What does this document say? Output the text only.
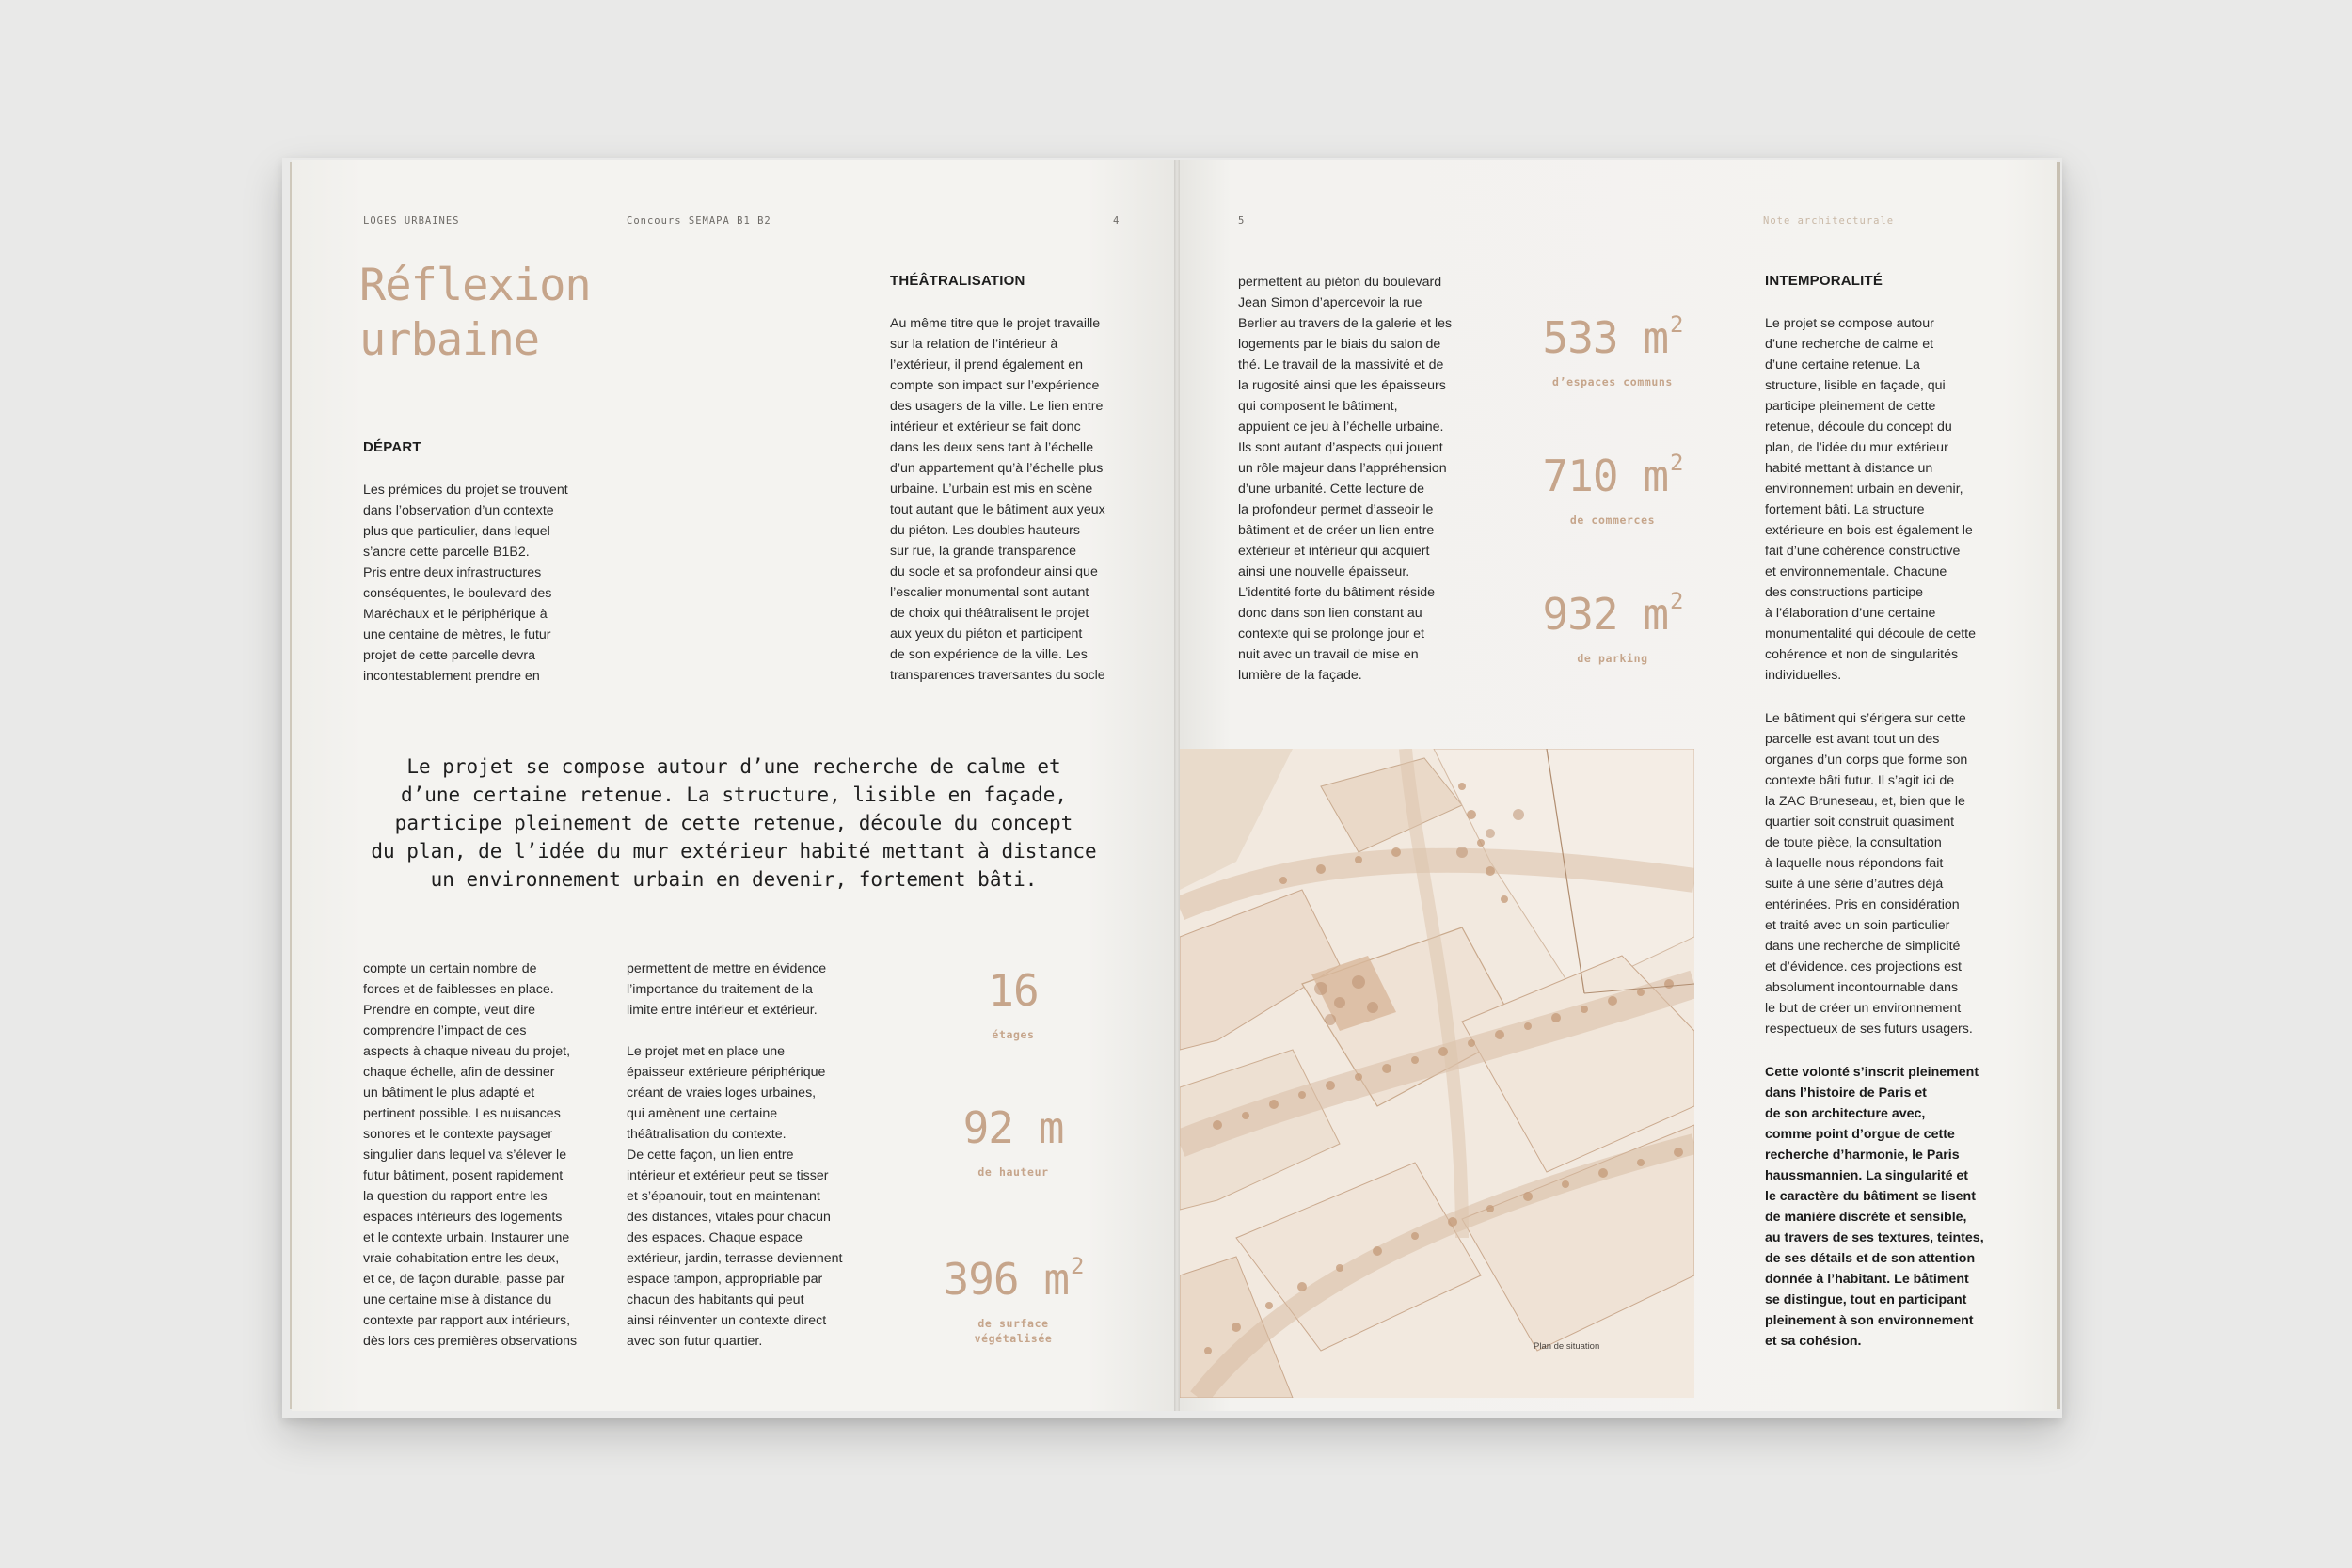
LOGES URBAINES	Concours SEMAPA B1 B2	4
Réflexion
urbaine
DÉPART
Les prémices du projet se trouvent
dans l’observation d’un contexte
plus que particulier, dans lequel
s’ancre cette parcelle B1B2.
Pris entre deux infrastructures
conséquentes, le boulevard des
Maréchaux et le périphérique à
une centaine de mètres, le futur
projet de cette parcelle devra
incontestablement prendre en
THÉÂTRALISATION
Au même titre que le projet travaille
sur la relation de l’intérieur à
l’extérieur, il prend également en
compte son impact sur l’expérience
des usagers de la ville. Le lien entre
intérieur et extérieur se fait donc
dans les deux sens tant à l’échelle
d’un appartement qu’à l’échelle plus
urbaine. L’urbain est mis en scène
tout autant que le bâtiment aux yeux
du piéton. Les doubles hauteurs
sur rue, la grande transparence
du socle et sa profondeur ainsi que
l’escalier monumental sont autant
de choix qui théâtralisent le projet
aux yeux du piéton et participent
de son expérience de la ville. Les
transparences traversantes du socle
Le projet se compose autour d’une recherche de calme et
d’une certaine retenue. La structure, lisible en façade,
participe pleinement de cette retenue, découle du concept
du plan, de l’idée du mur extérieur habité mettant à distance
un environnement urbain en devenir, fortement bâti.
compte un certain nombre de
forces et de faiblesses en place.
Prendre en compte, veut dire
comprendre l’impact de ces
aspects à chaque niveau du projet,
chaque échelle, afin de dessiner
un bâtiment le plus adapté et
pertinent possible. Les nuisances
sonores et le contexte paysager
singulier dans lequel va s’élever le
futur bâtiment, posent rapidement
la question du rapport entre les
espaces intérieurs des logements
et le contexte urbain. Instaurer une
vraie cohabitation entre les deux,
et ce, de façon durable, passe par
une certaine mise à distance du
contexte par rapport aux intérieurs,
dès lors ces premières observations
permettent de mettre en évidence
l’importance du traitement de la
limite entre intérieur et extérieur.
Le projet met en place une
épaisseur extérieure périphérique
créant de vraies loges urbaines,
qui amènent une certaine
théâtralisation du contexte.
De cette façon, un lien entre
intérieur et extérieur peut se tisser
et s’épanouir, tout en maintenant
des distances, vitales pour chacun
des espaces. Chaque espace
extérieur, jardin, terrasse deviennent
espace tampon, appropriable par
chacun des habitants qui peut
ainsi réinventer un contexte direct
avec son futur quartier.
16
étages
92 m
de hauteur
396 $m^2$
de surface
végétalisée
5	Note architecturale
permettent au piéton du boulevard
Jean Simon d’apercevoir la rue
Berlier au travers de la galerie et les
logements par le biais du salon de
thé. Le travail de la massivité et de
la rugosité ainsi que les épaisseurs
qui composent le bâtiment,
appuient ce jeu à l’échelle urbaine.
Ils sont autant d’aspects qui jouent
un rôle majeur dans l’appréhension
d’une urbanité. Cette lecture de
la profondeur permet d’asseoir le
bâtiment et de créer un lien entre
extérieur et intérieur qui acquiert
ainsi une nouvelle épaisseur.
L’identité forte du bâtiment réside
donc dans son lien constant au
contexte qui se prolonge jour et
nuit avec un travail de mise en
lumière de la façade.
533 $m^2$
d’espaces communs
710 $m^2$
de commerces
932 $m^2$
de parking
Plan de situation
INTEMPORALITÉ
Le projet se compose autour
d’une recherche de calme et
d’une certaine retenue. La
structure, lisible en façade, qui
participe pleinement de cette
retenue, découle du concept du
plan, de l’idée du mur extérieur
habité mettant à distance un
environnement urbain en devenir,
fortement bâti. La structure
extérieure en bois est également le
fait d’une cohérence constructive
et environnementale. Chacune
des constructions participe
à l’élaboration d’une certaine
monumentalité qui découle de cette
cohérence et non de singularités
individuelles.
Le bâtiment qui s’érigera sur cette
parcelle est avant tout un des
organes d’un corps que forme son
contexte bâti futur. Il s’agit ici de
la ZAC Bruneseau, et, bien que le
quartier soit construit quasiment
de toute pièce, la consultation
à laquelle nous répondons fait
suite à une série d’autres déjà
entérinées. Pris en considération
et traité avec un soin particulier
dans une recherche de simplicité
et d’évidence. ces projections est
absolument incontournable dans
le but de créer un environnement
respectueux de ses futurs usagers.
Cette volonté s’inscrit pleinement
dans l’histoire de Paris et
de son architecture avec,
comme point d’orgue de cette
recherche d’harmonie, le Paris
haussmannien. La singularité et
le caractère du bâtiment se lisent
de manière discrète et sensible,
au travers de ses textures, teintes,
de ses détails et de son attention
donnée à l’habitant. Le bâtiment
se distingue, tout en participant
pleinement à son environnement
et sa cohésion.
